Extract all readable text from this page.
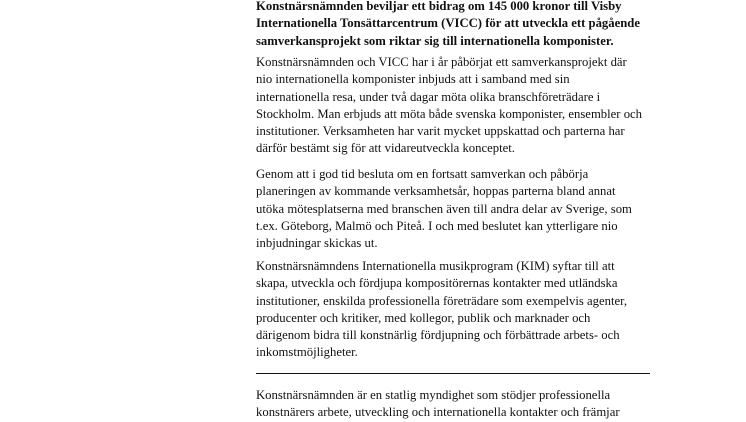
Konstnärsnämnden beviljar ett bidrag om 145 000 kronor till Visby
Internationella Tonsättarcentrum (VICC) för att utveckla ett pågående
samverkansprojekt som riktar sig till internationella komponister.
Konstnärsnämnden och VICC har i år påbörjat ett samverkansprojekt där
nio internationella komponister inbjuds att i samband med sin
internationella resa, under två dagar möta olika branschföreträdare i
Stockholm. Man erbjuds att möta både svenska komponister, ensembler och
institutioner. Verksamheten har varit mycket uppskattad och parterna har
därför bestämt sig för att vidareutveckla konceptet.
Genom att i god tid besluta om en fortsatt samverkan och påbörja
planeringen av kommande verksamhetsår, hoppas parterna bland annat
utöka mötesplatserna med branschen även till andra delar av Sverige, som
t.ex. Göteborg, Malmö och Piteå. I och med beslutet kan ytterligare nio
inbjudningar skickas ut.
Konstnärsnämndens Internationella musikprogram (KIM) syftar till att
skapa, utveckla och fördjupa kompositörernas kontakter med utländska
institutioner, enskilda professionella företrädare som exempelvis agenter,
producenter och kritiker, med kollegor, publik och marknader och
därigenom bidra till konstnärlig fördjupning och förbättrade arbets- och
inkomstmöjligheter.
Konstnärsnämnden är en statlig myndighet som stödjer professionella
konstnärers arbete, utveckling och internationella kontakter och främjar
